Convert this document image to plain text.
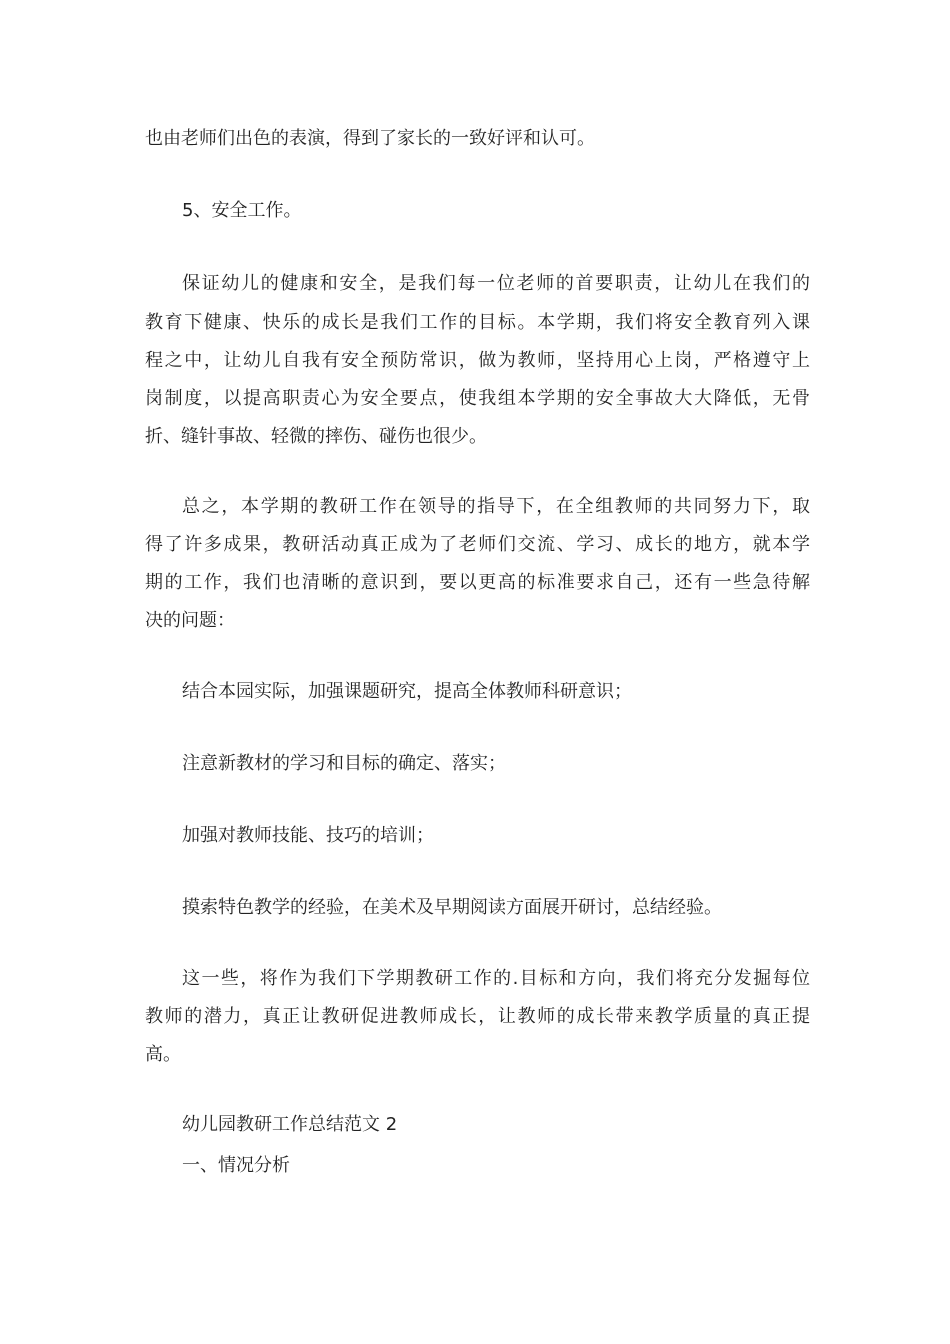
也由老师们出色的表演，得到了家长的一致好评和认可。
5、安全工作。
保证幼儿的健康和安全，是我们每一位老师的首要职责，让幼儿在我们的
教育下健康、快乐的成长是我们工作的目标。本学期，我们将安全教育列入课
程之中，让幼儿自我有安全预防常识，做为教师，坚持用心上岗，严格遵守上
岗制度，以提高职责心为安全要点，使我组本学期的安全事故大大降低，无骨
折、缝针事故、轻微的摔伤、碰伤也很少。
总之，本学期的教研工作在领导的指导下，在全组教师的共同努力下，取
得了许多成果，教研活动真正成为了老师们交流、学习、成长的地方，就本学
期的工作，我们也清晰的意识到，要以更高的标准要求自己，还有一些急待解
决的问题：
结合本园实际，加强课题研究，提高全体教师科研意识；
注意新教材的学习和目标的确定、落实；
加强对教师技能、技巧的培训；
摸索特色教学的经验，在美术及早期阅读方面展开研讨，总结经验。
这一些，将作为我们下学期教研工作的.目标和方向，我们将充分发掘每位
教师的潜力，真正让教研促进教师成长，让教师的成长带来教学质量的真正提
高。
幼儿园教研工作总结范文 2
一、情况分析
